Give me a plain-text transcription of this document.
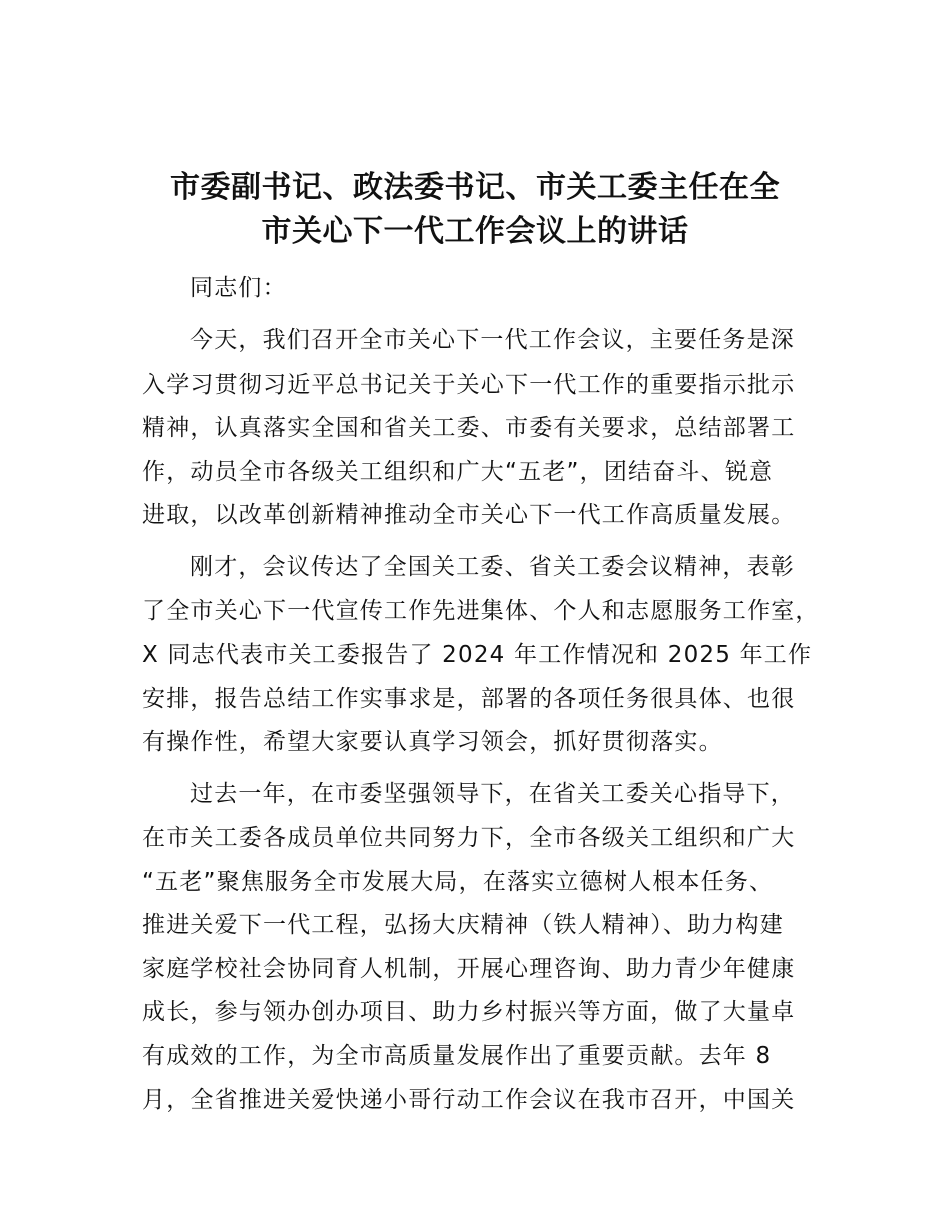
市委副书记、政法委书记、市关工委主任在全
市关心下一代工作会议上的讲话
同志们：
今天，我们召开全市关心下一代工作会议，主要任务是深
入学习贯彻习近平总书记关于关心下一代工作的重要指示批示
精神，认真落实全国和省关工委、市委有关要求，总结部署工
作，动员全市各级关工组织和广大“五老”，团结奋斗、锐意
进取，以改革创新精神推动全市关心下一代工作高质量发展。
刚才，会议传达了全国关工委、省关工委会议精神，表彰
了全市关心下一代宣传工作先进集体、个人和志愿服务工作室，
X 同志代表市关工委报告了 2024 年工作情况和 2025 年工作
安排，报告总结工作实事求是，部署的各项任务很具体、也很
有操作性，希望大家要认真学习领会，抓好贯彻落实。
过去一年，在市委坚强领导下，在省关工委关心指导下，
在市关工委各成员单位共同努力下，全市各级关工组织和广大
“五老”聚焦服务全市发展大局，在落实立德树人根本任务、
推进关爱下一代工程，弘扬大庆精神（铁人精神）、助力构建
家庭学校社会协同育人机制，开展心理咨询、助力青少年健康
成长，参与领办创办项目、助力乡村振兴等方面，做了大量卓
有成效的工作，为全市高质量发展作出了重要贡献。去年 8
月，全省推进关爱快递小哥行动工作会议在我市召开，中国关
